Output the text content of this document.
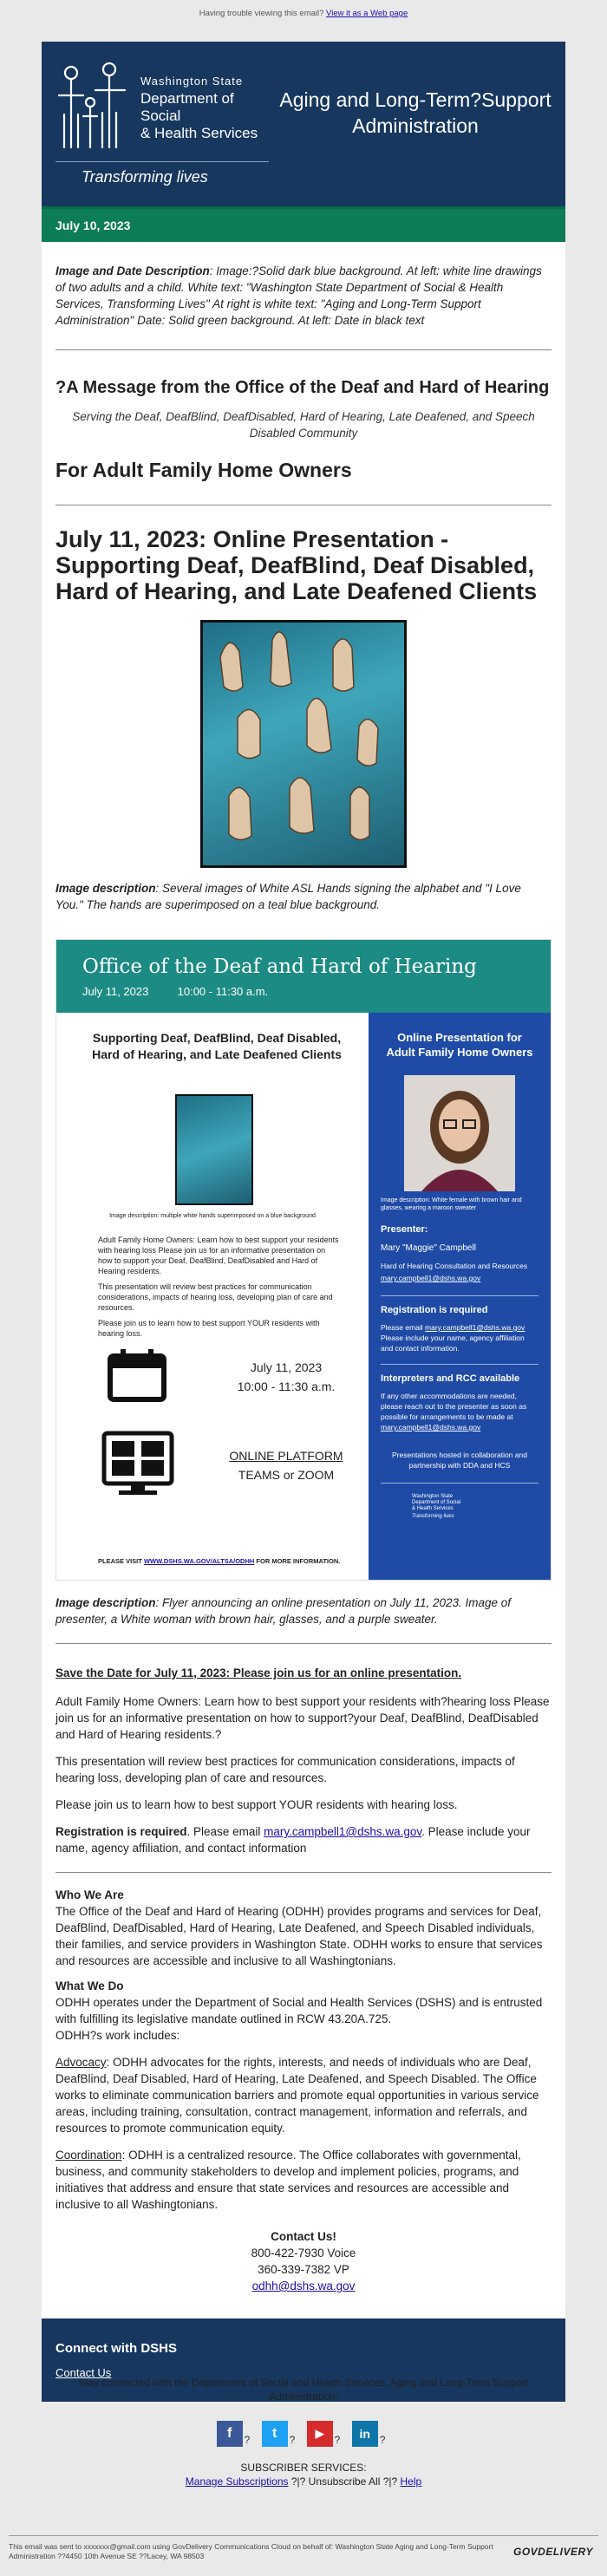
Having trouble viewing this email? View it as a Web page
Washington State
Department of Social
& Health Services
Transforming lives
Aging and Long-Term?Support Administration
July 10, 2023

Image and Date Description: Image:?Solid dark blue background. At left: white line drawings of two adults and a child. White text: "Washington State Department of Social & Health Services, Transforming Lives" At right is white text: "Aging and Long-Term Support Administration" Date: Solid green background. At left: Date in black text

?A Message from the Office of the Deaf and Hard of Hearing

Serving the Deaf, DeafBlind, DeafDisabled, Hard of Hearing, Late Deafened, and Speech Disabled Community

For Adult Family Home Owners
July 11, 2023: Online Presentation - Supporting Deaf, DeafBlind, Deaf Disabled, Hard of Hearing, and Late Deafened Clients

Image description: Several images of White ASL Hands signing the alphabet and "I Love You." The hands are superimposed on a teal blue background.

Office of the Deaf and Hard of Hearing
July 11, 2023	10:00 - 11:30 a.m.
Supporting Deaf, DeafBlind, Deaf Disabled, Hard of Hearing, and Late Deafened Clients
Image description: multiple white hands superimposed on a blue background

Adult Family Home Owners: Learn how to best support your residents with hearing loss Please join us for an informative presentation on how to support your Deaf, DeafBlind, DeafDisabled and Hard of Hearing residents.

This presentation will review best practices for communication considerations, impacts of hearing loss, developing plan of care and resources.

Please join us to learn how to best support YOUR residents with hearing loss.

July 11, 2023
10:00 - 11:30 a.m.
ONLINE PLATFORM
TEAMS or ZOOM
PLEASE VISIT WWW.DSHS.WA.GOV/ALTSA/ODHH FOR MORE INFORMATION.
Online Presentation for Adult Family Home Owners
Image description: White female with brown hair and glasses, wearing a maroon sweater
Presenter:
Mary "Maggie" Campbell
Hard of Hearing Consultation and Resources
mary.campbell1@dshs.wa.gov
Registration is required
Please email mary.campbell1@dshs.wa.gov Please include your name, agency affiliation and contact information.
Interpreters and RCC available
If any other accommodations are needed, please reach out to the presenter as soon as possible for arrangements to be made at mary.campbell1@dshs.wa.gov
Presentations hosted in collaboration and partnership with DDA and HCS
Washington State
Department of Social
& Health Services
Transforming lives

Image description: Flyer announcing an online presentation on July 11, 2023. Image of presenter, a White woman with brown hair, glasses, and a purple sweater.

Save the Date for July 11, 2023: Please join us for an online presentation.

Adult Family Home Owners: Learn how to best support your residents with?hearing loss Please join us for an informative presentation on how to support?your Deaf, DeafBlind, DeafDisabled and Hard of Hearing residents.?

This presentation will review best practices for communication considerations, impacts of hearing loss, developing plan of care and resources.

Please join us to learn how to best support YOUR residents with hearing loss.

Registration is required. Please email mary.campbell1@dshs.wa.gov. Please include your name, agency affiliation, and contact information

Who We Are

The Office of the Deaf and Hard of Hearing (ODHH) provides programs and services for Deaf, DeafBlind, DeafDisabled, Hard of Hearing, Late Deafened, and Speech Disabled individuals, their families, and service providers in Washington State. ODHH works to ensure that services and resources are accessible and inclusive to all Washingtonians.

What We Do

ODHH operates under the Department of Social and Health Services (DSHS) and is entrusted with fulfilling its legislative mandate outlined in RCW 43.20A.725.

ODHH?s work includes:

Advocacy: ODHH advocates for the rights, interests, and needs of individuals who are Deaf, DeafBlind, Deaf Disabled, Hard of Hearing, Late Deafened, and Speech Disabled. The Office works to eliminate communication barriers and promote equal opportunities in various service areas, including training, consultation, contract management, information and referrals, and resources to promote communication equity.

Coordination: ODHH is a centralized resource. The Office collaborates with governmental, business, and community stakeholders to develop and implement policies, programs, and initiatives that address and ensure that state services and resources are accessible and inclusive to all Washingtonians.

Contact Us!
800-422-7930 Voice
360-339-7382 VP
odhh@dshs.wa.gov
Connect with DSHS
Contact Us
Stay connected with the Department of Social and Health Services, Aging and Long-Term Support Administration:
f ? t ? ▶ ? in ?
SUBSCRIBER SERVICES:
Manage Subscriptions ?|? Unsubscribe All ?|? Help
This email was sent to xxxxxxx@gmail.com using GovDelivery Communications Cloud on behalf of: Washington State Aging and Long-Term Support Administration ??4450 10th Avenue SE ??Lacey, WA 98503	GOVDELIVERY
